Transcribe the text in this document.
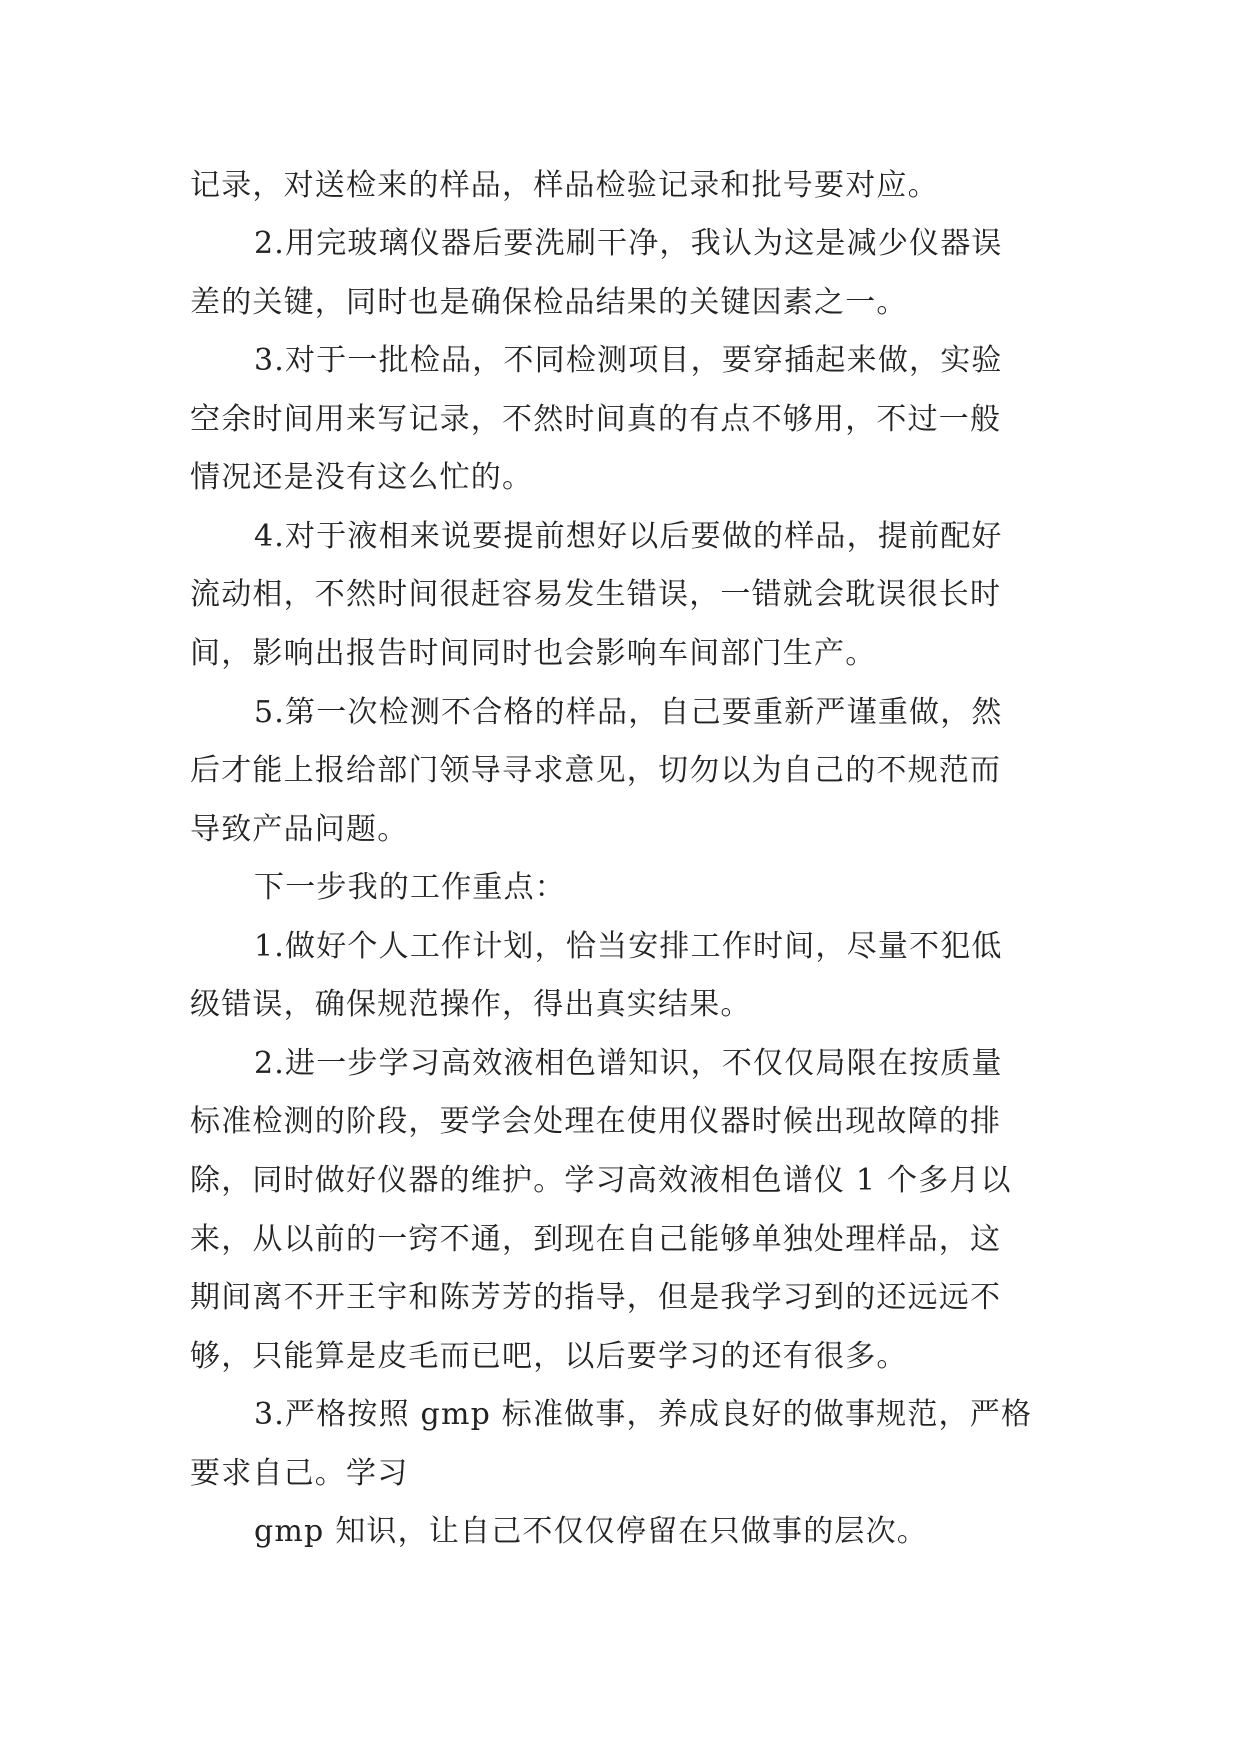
记录，对送检来的样品，样品检验记录和批号要对应。

2.用完玻璃仪器后要洗刷干净，我认为这是减少仪器误

差的关键，同时也是确保检品结果的关键因素之一。

3.对于一批检品，不同检测项目，要穿插起来做，实验

空余时间用来写记录，不然时间真的有点不够用，不过一般

情况还是没有这么忙的。

4.对于液相来说要提前想好以后要做的样品，提前配好

流动相，不然时间很赶容易发生错误，一错就会耽误很长时

间，影响出报告时间同时也会影响车间部门生产。

5.第一次检测不合格的样品，自己要重新严谨重做，然

后才能上报给部门领导寻求意见，切勿以为自己的不规范而

导致产品问题。

下一步我的工作重点：

1.做好个人工作计划，恰当安排工作时间，尽量不犯低

级错误，确保规范操作，得出真实结果。

2.进一步学习高效液相色谱知识，不仅仅局限在按质量

标准检测的阶段，要学会处理在使用仪器时候出现故障的排

除，同时做好仪器的维护。学习高效液相色谱仪 1 个多月以

来，从以前的一窍不通，到现在自己能够单独处理样品，这

期间离不开王宇和陈芳芳的指导，但是我学习到的还远远不

够，只能算是皮毛而已吧，以后要学习的还有很多。

3.严格按照 gmp 标准做事，养成良好的做事规范，严格

要求自己。学习

gmp 知识，让自己不仅仅停留在只做事的层次。
